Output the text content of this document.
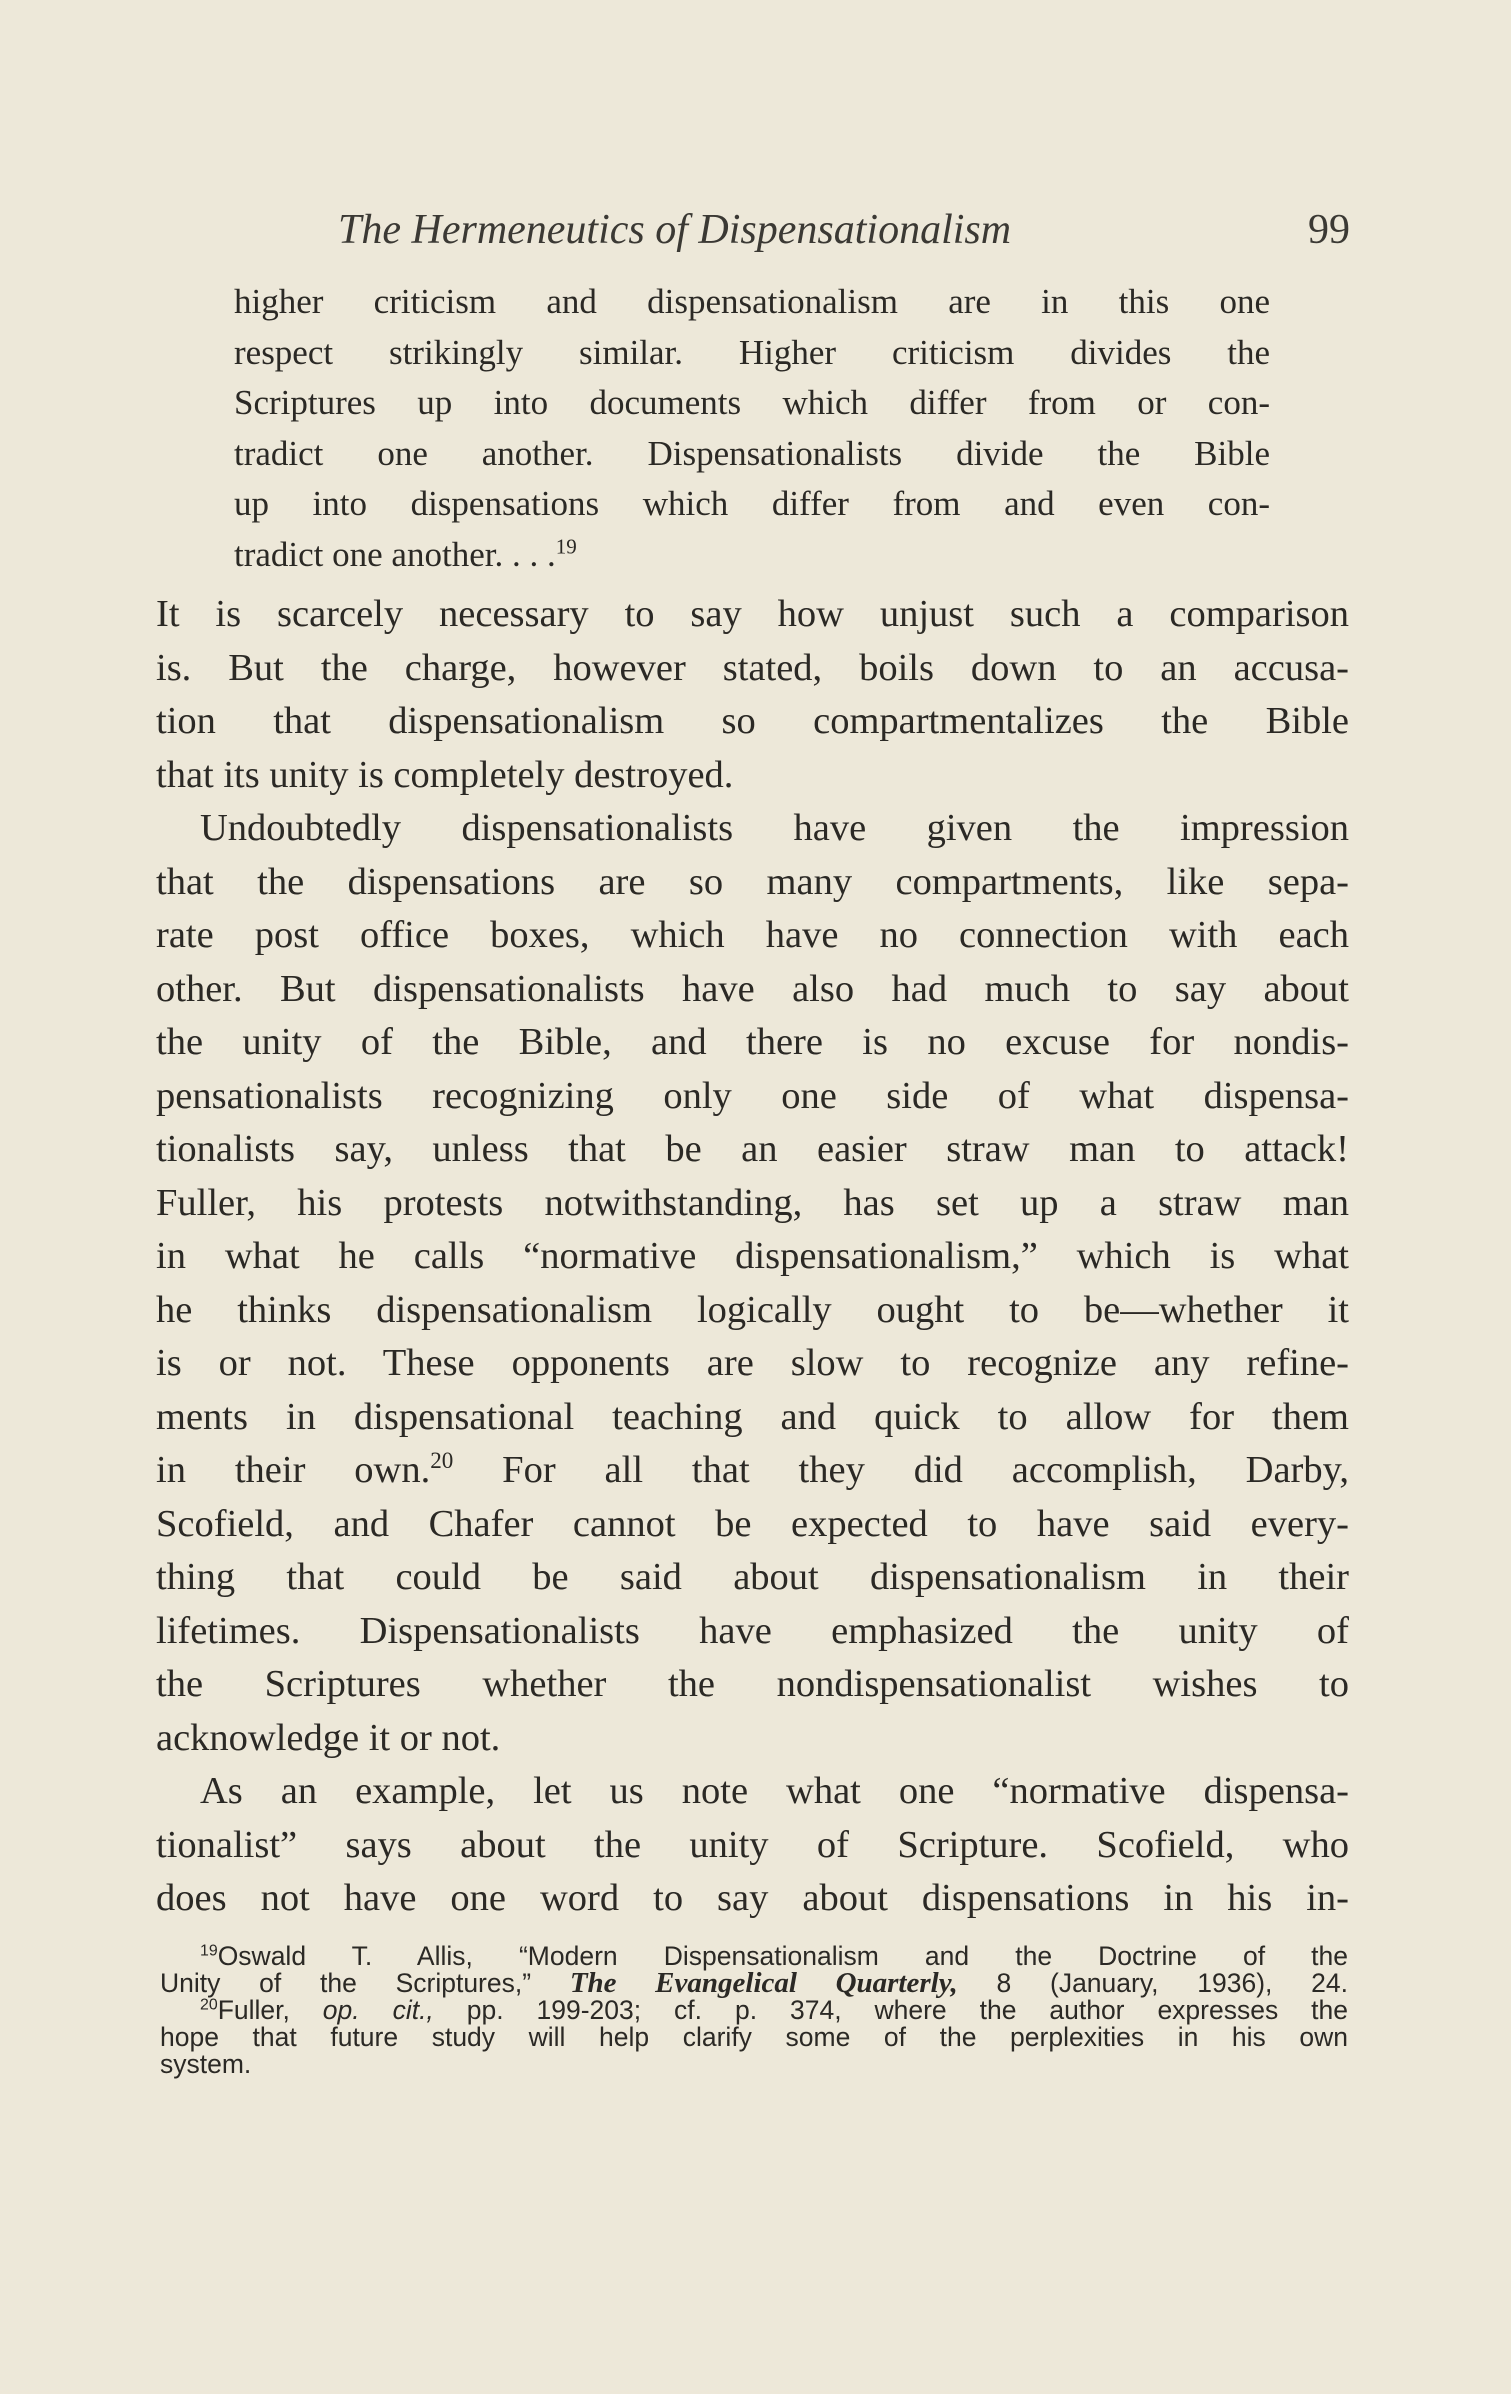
The Hermeneutics of Dispensationalism	99
higher criticism and dispensationalism are in this one
respect strikingly similar. Higher criticism divides the
Scriptures up into documents which differ from or con-
tradict one another. Dispensationalists divide the Bible
up into dispensations which differ from and even con-
tradict one another. . . .$^{19}$
It is scarcely necessary to say how unjust such a comparison
is. But the charge, however stated, boils down to an accusa-
tion that dispensationalism so compartmentalizes the Bible
that its unity is completely destroyed.
Undoubtedly dispensationalists have given the impression
that the dispensations are so many compartments, like sepa-
rate post office boxes, which have no connection with each
other. But dispensationalists have also had much to say about
the unity of the Bible, and there is no excuse for nondis-
pensationalists recognizing only one side of what dispensa-
tionalists say, unless that be an easier straw man to attack!
Fuller, his protests notwithstanding, has set up a straw man
in what he calls “normative dispensationalism,” which is what
he thinks dispensationalism logically ought to be—whether it
is or not. These opponents are slow to recognize any refine-
ments in dispensational teaching and quick to allow for them
in their own.$^{20}$ For all that they did accomplish, Darby,
Scofield, and Chafer cannot be expected to have said every-
thing that could be said about dispensationalism in their
lifetimes. Dispensationalists have emphasized the unity of
the Scriptures whether the nondispensationalist wishes to
acknowledge it or not.
As an example, let us note what one “normative dispensa-
tionalist” says about the unity of Scripture. Scofield, who
does not have one word to say about dispensations in his in-
$^{19}$Oswald T. Allis, “Modern Dispensationalism and the Doctrine of the
Unity of the Scriptures,” The Evangelical Quarterly, 8 (January, 1936), 24.
$^{20}$Fuller, op. cit., pp. 199-203; cf. p. 374, where the author expresses the
hope that future study will help clarify some of the perplexities in his own
system.
